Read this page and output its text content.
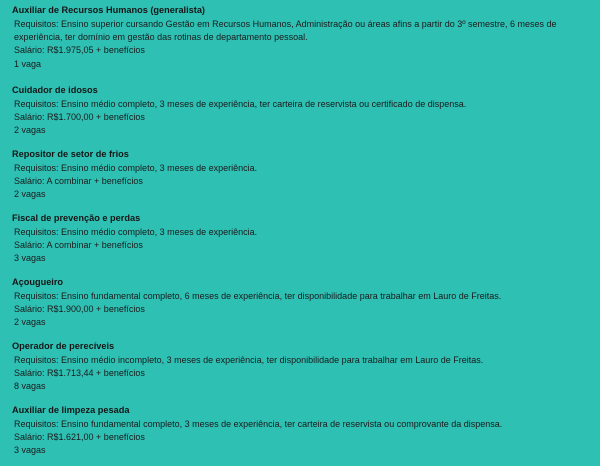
Auxiliar de Recursos Humanos (generalista)
Requisitos: Ensino superior cursando Gestão em Recursos Humanos, Administração ou áreas afins a partir do 3º semestre, 6 meses de experiência, ter domínio em gestão das rotinas de departamento pessoal.
Salário: R$1.975,05 + benefícios
1 vaga
Cuidador de idosos
Requisitos: Ensino médio completo, 3 meses de experiência, ter carteira de reservista ou certificado de dispensa.
Salário: R$1.700,00 + benefícios
2 vagas
Repositor de setor de frios
Requisitos: Ensino médio completo, 3 meses de experiência.
Salário: A combinar + benefícios
2 vagas
Fiscal de prevenção e perdas
Requisitos: Ensino médio completo, 3 meses de experiência.
Salário: A combinar + benefícios
3 vagas
Açougueiro
Requisitos: Ensino fundamental completo, 6 meses de experiência, ter disponibilidade para trabalhar em Lauro de Freitas.
Salário: R$1.900,00 + benefícios
2 vagas
Operador de perecíveis
Requisitos: Ensino médio incompleto, 3 meses de experiência, ter disponibilidade para trabalhar em Lauro de Freitas.
Salário: R$1.713,44 + benefícios
8 vagas
Auxiliar de limpeza pesada
Requisitos: Ensino fundamental completo, 3 meses de experiência, ter carteira de reservista ou comprovante da dispensa.
Salário: R$1.621,00 + benefícios
3 vagas
